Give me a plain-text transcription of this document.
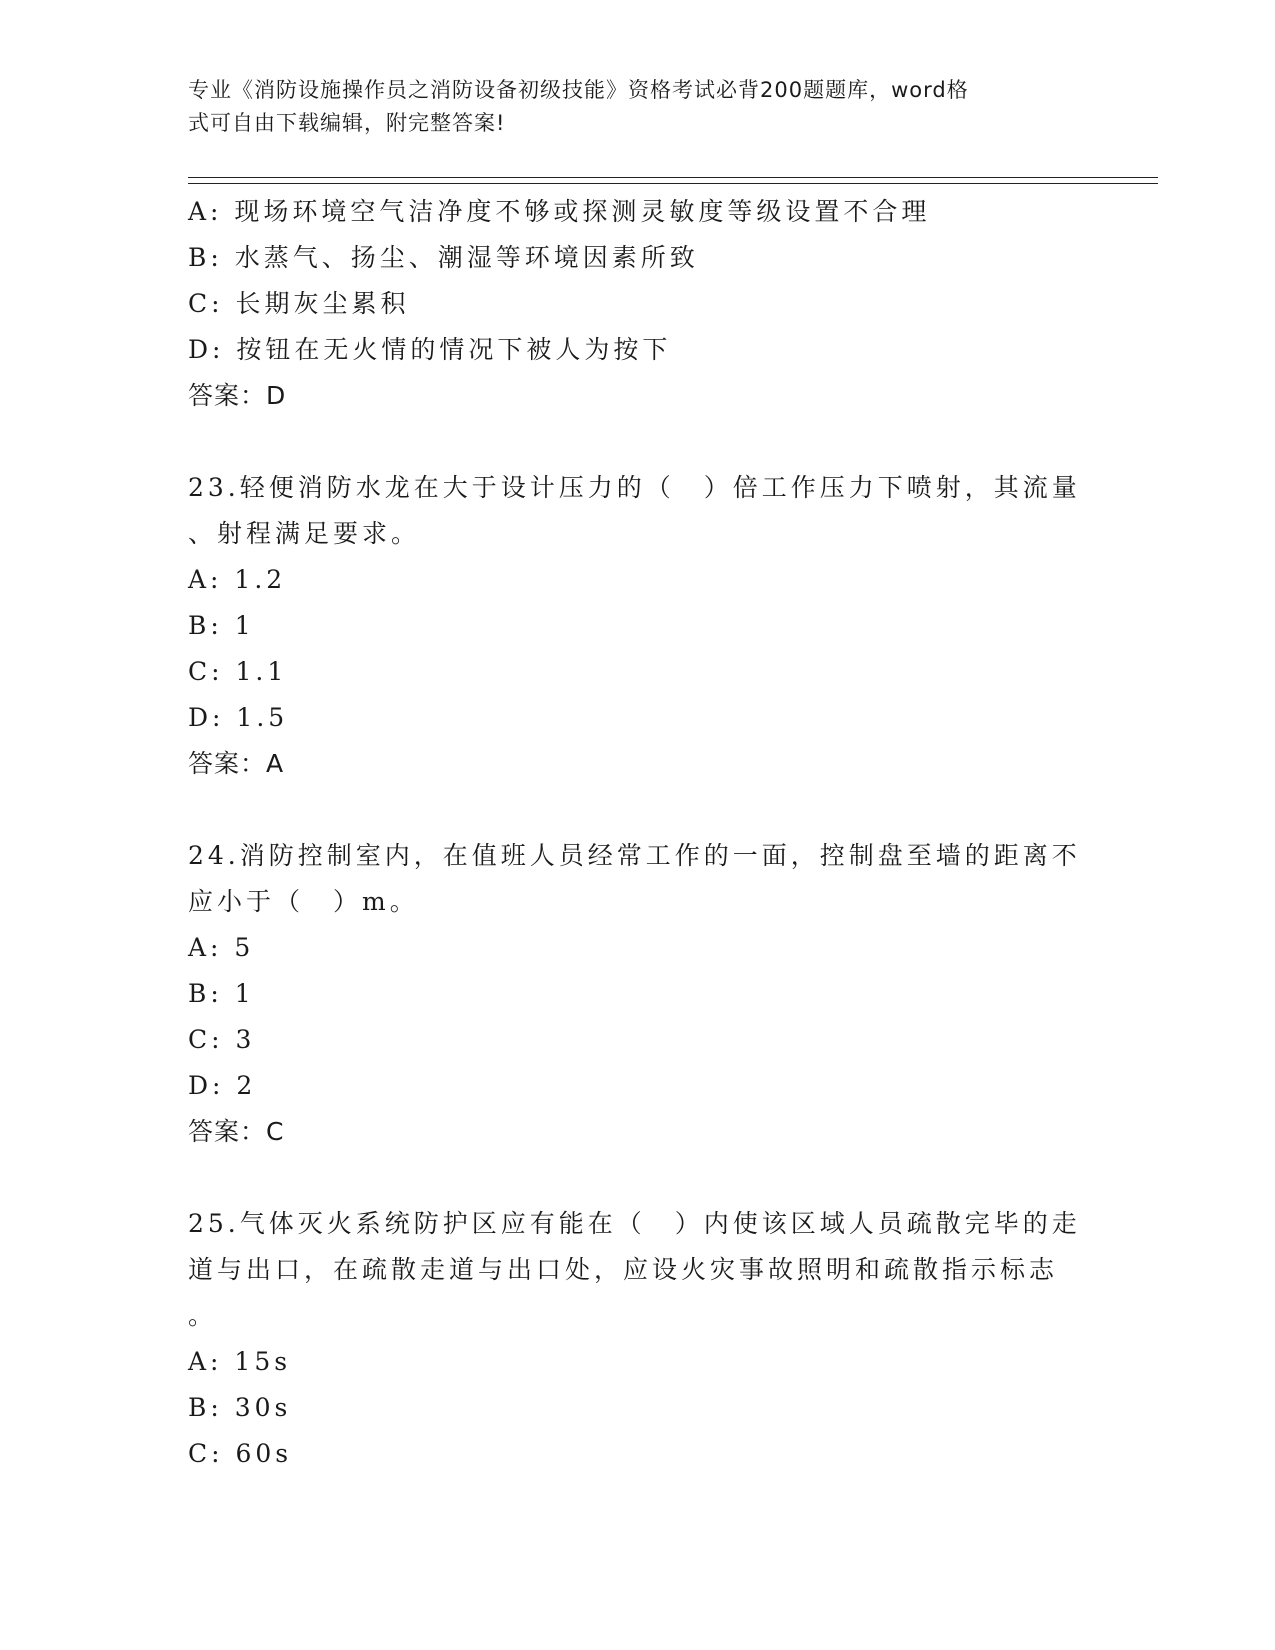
专业《消防设施操作员之消防设备初级技能》资格考试必背200题题库，word格
式可自由下载编辑，附完整答案!
A: 现场环境空气洁净度不够或探测灵敏度等级设置不合理
B: 水蒸气、扬尘、潮湿等环境因素所致
C: 长期灰尘累积
D: 按钮在无火情的情况下被人为按下
答案：D
23.轻便消防水龙在大于设计压力的（　）倍工作压力下喷射，其流量
、射程满足要求。
A: 1.2
B: 1
C: 1.1
D: 1.5
答案：A
24.消防控制室内，在值班人员经常工作的一面，控制盘至墙的距离不
应小于（　）m。
A: 5
B: 1
C: 3
D: 2
答案：C
25.气体灭火系统防护区应有能在（　）内使该区域人员疏散完毕的走
道与出口，在疏散走道与出口处，应设火灾事故照明和疏散指示标志
。
A: 15s
B: 30s
C: 60s
